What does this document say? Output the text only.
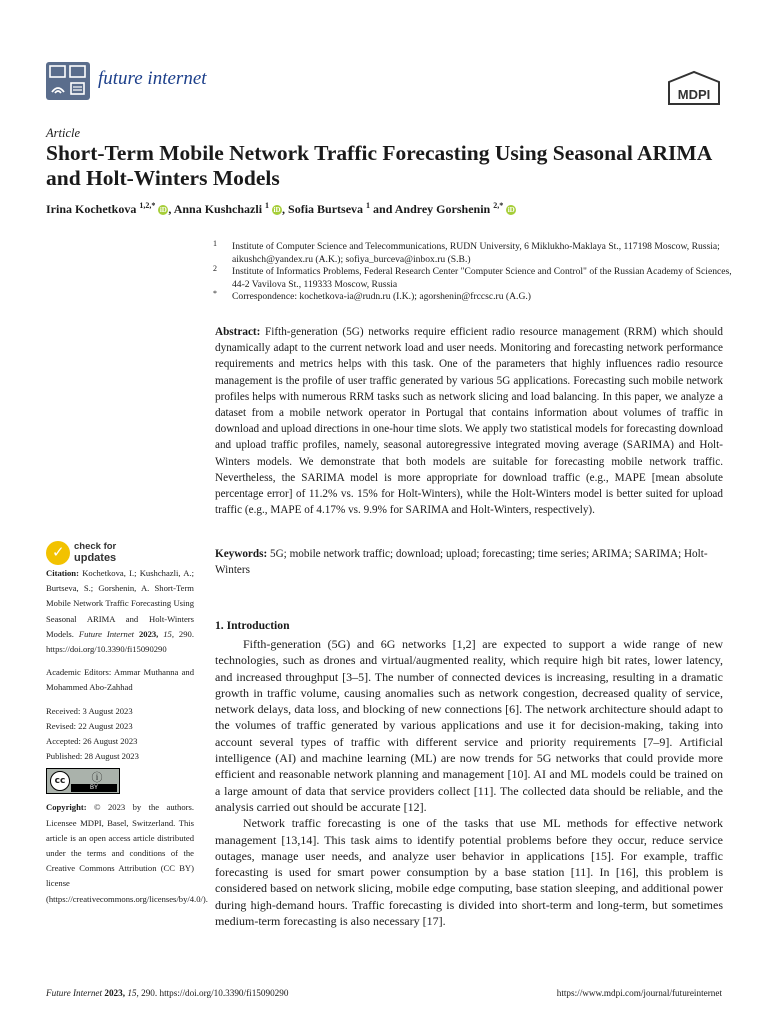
future internet
MDPI
Article
Short-Term Mobile Network Traffic Forecasting Using Seasonal ARIMA and Holt-Winters Models
Irina Kochetkova $^{1,2,*}$ iD , Anna Kushchazli $^1$ iD , Sofia Burtseva $^1$ and Andrey Gorshenin $^{2,*}$ iD
1 Institute of Computer Science and Telecommunications, RUDN University, 6 Miklukho-Maklaya St., 117198 Moscow, Russia; aikushch@yandex.ru (A.K.); sofiya_burceva@inbox.ru (S.B.)
2 Institute of Informatics Problems, Federal Research Center "Computer Science and Control" of the Russian Academy of Sciences, 44-2 Vavilova St., 119333 Moscow, Russia
* Correspondence: kochetkova-ia@rudn.ru (I.K.); agorshenin@frccsc.ru (A.G.)
Abstract: Fifth-generation (5G) networks require efficient radio resource management (RRM) which should dynamically adapt to the current network load and user needs. Monitoring and forecasting network performance requirements and metrics helps with this task. One of the parameters that highly influences radio resource management is the profile of user traffic generated by various 5G applications. Forecasting such mobile network profiles helps with numerous RRM tasks such as network slicing and load balancing. In this paper, we analyze a dataset from a mobile network operator in Portugal that contains information about volumes of traffic in download and upload directions in one-hour time slots. We apply two statistical models for forecasting download and upload traffic profiles, namely, seasonal autoregressive integrated moving average (SARIMA) and Holt-Winters models. We demonstrate that both models are suitable for forecasting mobile network traffic. Nevertheless, the SARIMA model is more appropriate for download traffic (e.g., MAPE [mean absolute percentage error] of 11.2% vs. 15% for Holt-Winters), while the Holt-Winters model is better suited for upload traffic (e.g., MAPE of 4.17% vs. 9.9% for SARIMA and Holt-Winters, respectively).
Keywords: 5G; mobile network traffic; download; upload; forecasting; time series; ARIMA; SARIMA; Holt-Winters
✓ check for
updates

Citation: Kochetkova, I.; Kushchazli, A.; Burtseva, S.; Gorshenin, A. Short-Term Mobile Network Traffic Forecasting Using Seasonal ARIMA and Holt-Winters Models. Future Internet 2023, 15, 290. https://doi.org/10.3390/fi15090290

Academic Editors: Ammar Muthanna and Mohammed Abo-Zahhad

Received: 3 August 2023

Revised: 22 August 2023

Accepted: 26 August 2023

Published: 28 August 2023

cc	ⓘ
BY

Copyright: © 2023 by the authors. Licensee MDPI, Basel, Switzerland. This article is an open access article distributed under the terms and conditions of the Creative Commons Attribution (CC BY) license (https://creativecommons.org/licenses/by/4.0/).

1. Introduction

Fifth-generation (5G) and 6G networks [1,2] are expected to support a wide range of new technologies, such as drones and virtual/augmented reality, which require high bit rates, lower latency, and increased throughput [3–5]. The number of connected devices is increasing, resulting in a dramatic growth in traffic volume, causing anomalies such as network congestion, decreased quality of service, network delays, data loss, and blocking of new connections [6]. The network architecture should adapt to the volumes of traffic generated by various applications and use it for decision-making, taking into account several types of traffic with different service and priority requirements [7–9]. Artificial intelligence (AI) and machine learning (ML) are now trends for 5G networks that could provide more efficient and reasonable network planning and management [10]. AI and ML models could be trained on a large amount of data that service providers collect [11]. The collected data should be reliable, and the analysis carried out should be accurate [12].

Network traffic forecasting is one of the tasks that use ML methods for effective network management [13,14]. This task aims to identify potential problems before they occur, reduce service outages, manage user needs, and analyze user behavior in applications [15]. For example, traffic forecasting is used for smart power consumption by a base station [11]. In [16], this problem is considered based on network slicing, mobile edge computing, base station sleeping, and additional power during high-demand hours. Traffic forecasting is divided into short-term and long-term, but sometimes medium-term forecasting is also necessary [17].

Future Internet 2023, 15, 290. https://doi.org/10.3390/fi15090290	https://www.mdpi.com/journal/futureinternet
